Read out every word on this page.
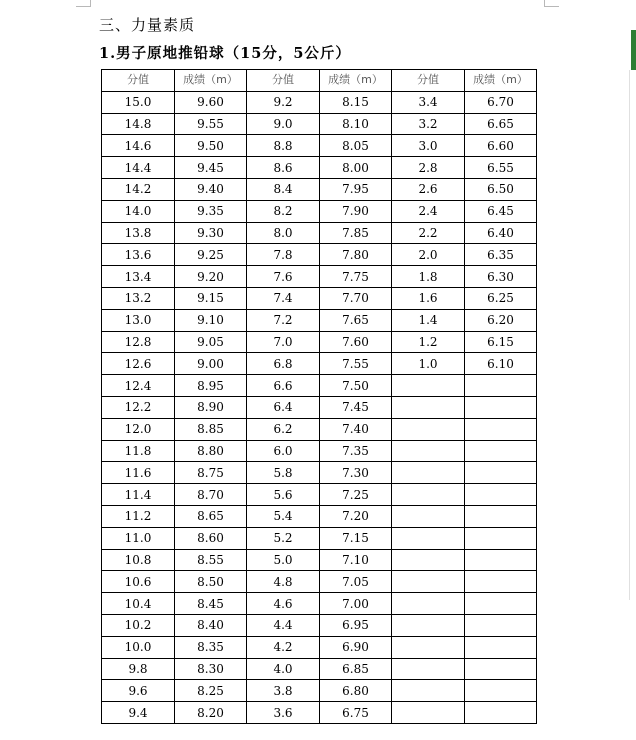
三、力量素质
1.男子原地推铅球（15分，5公斤）
分值	成绩（m）	分值	成绩（m）	分值	成绩（m）
15.0	9.60	9.2	8.15	3.4	6.70
14.8	9.55	9.0	8.10	3.2	6.65
14.6	9.50	8.8	8.05	3.0	6.60
14.4	9.45	8.6	8.00	2.8	6.55
14.2	9.40	8.4	7.95	2.6	6.50
14.0	9.35	8.2	7.90	2.4	6.45
13.8	9.30	8.0	7.85	2.2	6.40
13.6	9.25	7.8	7.80	2.0	6.35
13.4	9.20	7.6	7.75	1.8	6.30
13.2	9.15	7.4	7.70	1.6	6.25
13.0	9.10	7.2	7.65	1.4	6.20
12.8	9.05	7.0	7.60	1.2	6.15
12.6	9.00	6.8	7.55	1.0	6.10
12.4	8.95	6.6	7.50		
12.2	8.90	6.4	7.45		
12.0	8.85	6.2	7.40		
11.8	8.80	6.0	7.35		
11.6	8.75	5.8	7.30		
11.4	8.70	5.6	7.25		
11.2	8.65	5.4	7.20		
11.0	8.60	5.2	7.15		
10.8	8.55	5.0	7.10		
10.6	8.50	4.8	7.05		
10.4	8.45	4.6	7.00		
10.2	8.40	4.4	6.95		
10.0	8.35	4.2	6.90		
9.8	8.30	4.0	6.85		
9.6	8.25	3.8	6.80		
9.4	8.20	3.6	6.75		
